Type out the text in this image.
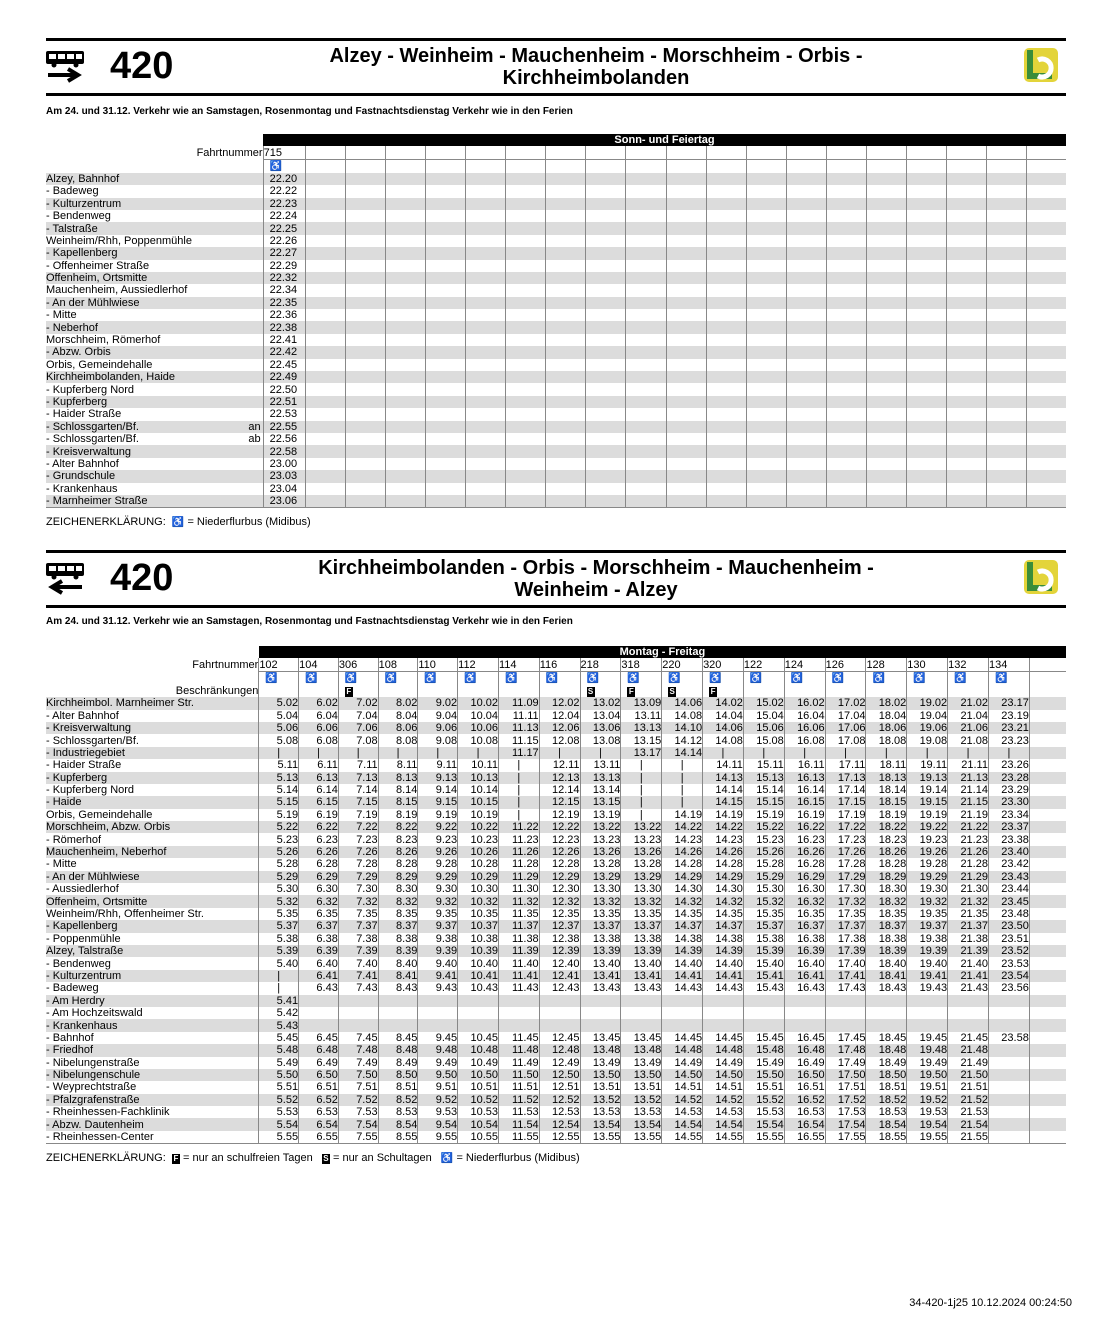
420	Alzey - Weinheim - Mauchenheim - Morschheim - Orbis -
Kirchheimbolanden
Am 24. und 31.12. Verkehr wie an Samstagen, Rosenmontag und Fastnachtsdienstag Verkehr wie in den Ferien
	Sonn- und Feiertag																			
Fahrtnummer	715																			
	♿																			
Alzey, Bahnhof	22.20																			
- Badeweg	22.22																			
- Kulturzentrum	22.23																			
- Bendenweg	22.24																			
- Talstraße	22.25																			
Weinheim/Rhh, Poppenmühle	22.26																			
- Kapellenberg	22.27																			
- Offenheimer Straße	22.29																			
Offenheim, Ortsmitte	22.32																			
Mauchenheim, Aussiedlerhof	22.34																			
- An der Mühlwiese	22.35																			
- Mitte	22.36																			
- Neberhof	22.38																			
Morschheim, Römerhof	22.41																			
- Abzw. Orbis	22.42																			
Orbis, Gemeindehalle	22.45																			
Kirchheimbolanden, Haide	22.49																			
- Kupferberg Nord	22.50																			
- Kupferberg	22.51																			
- Haider Straße	22.53																			
- Schlossgarten/Bf. an	22.55																			
- Schlossgarten/Bf. ab	22.56																			
- Kreisverwaltung	22.58																			
- Alter Bahnhof	23.00																			
- Grundschule	23.03																			
- Krankenhaus	23.04																			
- Marnheimer Straße	23.06																			
ZEICHENERKLÄRUNG: ♿ = Niederflurbus (Midibus)
420	Kirchheimbolanden - Orbis - Morschheim - Mauchenheim -
Weinheim - Alzey
Am 24. und 31.12. Verkehr wie an Samstagen, Rosenmontag und Fastnachtsdienstag Verkehr wie in den Ferien
	Montag - Freitag																			
Fahrtnummer	102	104	306	108	110	112	114	116	218	318	220	320	122	124	126	128	130	132	134	
	♿	♿	♿	♿	♿	♿	♿	♿	♿	♿	♿	♿	♿	♿	♿	♿	♿	♿	♿	
Beschränkungen			F						S	F	S	F								
Kirchheimbol. Marnheimer Str.	5.02	6.02	7.02	8.02	9.02	10.02	11.09	12.02	13.02	13.09	14.06	14.02	15.02	16.02	17.02	18.02	19.02	21.02	23.17	
- Alter Bahnhof	5.04	6.04	7.04	8.04	9.04	10.04	11.11	12.04	13.04	13.11	14.08	14.04	15.04	16.04	17.04	18.04	19.04	21.04	23.19	
- Kreisverwaltung	5.06	6.06	7.06	8.06	9.06	10.06	11.13	12.06	13.06	13.13	14.10	14.06	15.06	16.06	17.06	18.06	19.06	21.06	23.21	
- Schlossgarten/Bf.	5.08	6.08	7.08	8.08	9.08	10.08	11.15	12.08	13.08	13.15	14.12	14.08	15.08	16.08	17.08	18.08	19.08	21.08	23.23	
- Industriegebiet	|	|	|	|	|	|	11.17	|	|	13.17	14.14	|	|	|	|	|	|	|	|	
- Haider Straße	5.11	6.11	7.11	8.11	9.11	10.11	|	12.11	13.11	|	|	14.11	15.11	16.11	17.11	18.11	19.11	21.11	23.26	
- Kupferberg	5.13	6.13	7.13	8.13	9.13	10.13	|	12.13	13.13	|	|	14.13	15.13	16.13	17.13	18.13	19.13	21.13	23.28	
- Kupferberg Nord	5.14	6.14	7.14	8.14	9.14	10.14	|	12.14	13.14	|	|	14.14	15.14	16.14	17.14	18.14	19.14	21.14	23.29	
- Haide	5.15	6.15	7.15	8.15	9.15	10.15	|	12.15	13.15	|	|	14.15	15.15	16.15	17.15	18.15	19.15	21.15	23.30	
Orbis, Gemeindehalle	5.19	6.19	7.19	8.19	9.19	10.19	|	12.19	13.19	|	14.19	14.19	15.19	16.19	17.19	18.19	19.19	21.19	23.34	
Morschheim, Abzw. Orbis	5.22	6.22	7.22	8.22	9.22	10.22	11.22	12.22	13.22	13.22	14.22	14.22	15.22	16.22	17.22	18.22	19.22	21.22	23.37	
- Römerhof	5.23	6.23	7.23	8.23	9.23	10.23	11.23	12.23	13.23	13.23	14.23	14.23	15.23	16.23	17.23	18.23	19.23	21.23	23.38	
Mauchenheim, Neberhof	5.26	6.26	7.26	8.26	9.26	10.26	11.26	12.26	13.26	13.26	14.26	14.26	15.26	16.26	17.26	18.26	19.26	21.26	23.40	
- Mitte	5.28	6.28	7.28	8.28	9.28	10.28	11.28	12.28	13.28	13.28	14.28	14.28	15.28	16.28	17.28	18.28	19.28	21.28	23.42	
- An der Mühlwiese	5.29	6.29	7.29	8.29	9.29	10.29	11.29	12.29	13.29	13.29	14.29	14.29	15.29	16.29	17.29	18.29	19.29	21.29	23.43	
- Aussiedlerhof	5.30	6.30	7.30	8.30	9.30	10.30	11.30	12.30	13.30	13.30	14.30	14.30	15.30	16.30	17.30	18.30	19.30	21.30	23.44	
Offenheim, Ortsmitte	5.32	6.32	7.32	8.32	9.32	10.32	11.32	12.32	13.32	13.32	14.32	14.32	15.32	16.32	17.32	18.32	19.32	21.32	23.45	
Weinheim/Rhh, Offenheimer Str.	5.35	6.35	7.35	8.35	9.35	10.35	11.35	12.35	13.35	13.35	14.35	14.35	15.35	16.35	17.35	18.35	19.35	21.35	23.48	
- Kapellenberg	5.37	6.37	7.37	8.37	9.37	10.37	11.37	12.37	13.37	13.37	14.37	14.37	15.37	16.37	17.37	18.37	19.37	21.37	23.50	
- Poppenmühle	5.38	6.38	7.38	8.38	9.38	10.38	11.38	12.38	13.38	13.38	14.38	14.38	15.38	16.38	17.38	18.38	19.38	21.38	23.51	
Alzey, Talstraße	5.39	6.39	7.39	8.39	9.39	10.39	11.39	12.39	13.39	13.39	14.39	14.39	15.39	16.39	17.39	18.39	19.39	21.39	23.52	
- Bendenweg	5.40	6.40	7.40	8.40	9.40	10.40	11.40	12.40	13.40	13.40	14.40	14.40	15.40	16.40	17.40	18.40	19.40	21.40	23.53	
- Kulturzentrum	|	6.41	7.41	8.41	9.41	10.41	11.41	12.41	13.41	13.41	14.41	14.41	15.41	16.41	17.41	18.41	19.41	21.41	23.54	
- Badeweg	|	6.43	7.43	8.43	9.43	10.43	11.43	12.43	13.43	13.43	14.43	14.43	15.43	16.43	17.43	18.43	19.43	21.43	23.56	
- Am Herdry	5.41																			
- Am Hochzeitswald	5.42																			
- Krankenhaus	5.43																			
- Bahnhof	5.45	6.45	7.45	8.45	9.45	10.45	11.45	12.45	13.45	13.45	14.45	14.45	15.45	16.45	17.45	18.45	19.45	21.45	23.58	
- Friedhof	5.48	6.48	7.48	8.48	9.48	10.48	11.48	12.48	13.48	13.48	14.48	14.48	15.48	16.48	17.48	18.48	19.48	21.48		
- Nibelungenstraße	5.49	6.49	7.49	8.49	9.49	10.49	11.49	12.49	13.49	13.49	14.49	14.49	15.49	16.49	17.49	18.49	19.49	21.49		
- Nibelungenschule	5.50	6.50	7.50	8.50	9.50	10.50	11.50	12.50	13.50	13.50	14.50	14.50	15.50	16.50	17.50	18.50	19.50	21.50		
- Weyprechtstraße	5.51	6.51	7.51	8.51	9.51	10.51	11.51	12.51	13.51	13.51	14.51	14.51	15.51	16.51	17.51	18.51	19.51	21.51		
- Pfalzgrafenstraße	5.52	6.52	7.52	8.52	9.52	10.52	11.52	12.52	13.52	13.52	14.52	14.52	15.52	16.52	17.52	18.52	19.52	21.52		
- Rheinhessen-Fachklinik	5.53	6.53	7.53	8.53	9.53	10.53	11.53	12.53	13.53	13.53	14.53	14.53	15.53	16.53	17.53	18.53	19.53	21.53		
- Abzw. Dautenheim	5.54	6.54	7.54	8.54	9.54	10.54	11.54	12.54	13.54	13.54	14.54	14.54	15.54	16.54	17.54	18.54	19.54	21.54		
- Rheinhessen-Center	5.55	6.55	7.55	8.55	9.55	10.55	11.55	12.55	13.55	13.55	14.55	14.55	15.55	16.55	17.55	18.55	19.55	21.55		
ZEICHENERKLÄRUNG: F = nur an schulfreien Tagen S = nur an Schultagen ♿ = Niederflurbus (Midibus)
34-420-1j25 10.12.2024 00:24:50
